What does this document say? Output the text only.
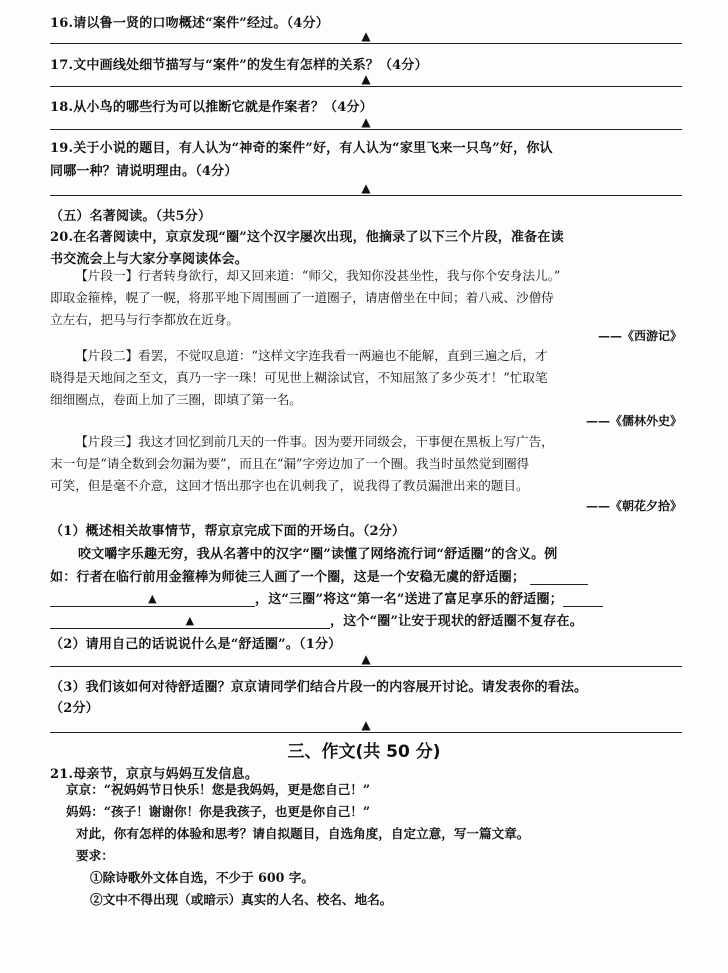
16.请以鲁一贤的口吻概述“案件”经过。（4分）
▲
17.文中画线处细节描写与“案件”的发生有怎样的关系？（4分）
▲
18.从小鸟的哪些行为可以推断它就是作案者？（4分）
▲
19.关于小说的题目，有人认为“神奇的案件”好，有人认为“家里飞来一只鸟”好，你认
同哪一种？请说明理由。（4分）
▲
（五）名著阅读。（共5分）
20.在名著阅读中，京京发现“圈”这个汉字屡次出现，他摘录了以下三个片段，准备在读
书交流会上与大家分享阅读体会。
【片段一】行者转身欲行，却又回来道：“师父，我知你没甚坐性，我与你个安身法儿。”
即取金箍棒，幌了一幌，将那平地下周围画了一道圈子，请唐僧坐在中间；着八戒、沙僧侍
立左右，把马与行李都放在近身。
——《西游记》
【片段二】看罢，不觉叹息道：“这样文字连我看一两遍也不能解，直到三遍之后，才
晓得是天地间之至文，真乃一字一珠！可见世上糊涂试官，不知屈煞了多少英才！”忙取笔
细细圈点，卷面上加了三圈，即填了第一名。
——《儒林外史》
【片段三】我这才回忆到前几天的一件事。因为要开同级会，干事便在黑板上写广告，
末一句是“请全数到会勿漏为要”，而且在“漏”字旁边加了一个圈。我当时虽然觉到圈得
可笑，但是毫不介意，这回才悟出那字也在讥刺我了，说我得了教员漏泄出来的题目。
——《朝花夕拾》
（1）概述相关故事情节，帮京京完成下面的开场白。（2分）
咬文嚼字乐趣无穷，我从名著中的汉字“圈”读懂了网络流行词“舒适圈”的含义。例
如：行者在临行前用金箍棒为师徒三人画了一个圈，这是一个安稳无虞的舒适圈；
▲	，这“三圈”将这“第一名”送进了富足享乐的舒适圈；
▲	，这个“圈”让安于现状的舒适圈不复存在。
（2）请用自己的话说说什么是“舒适圈”。（1分）
▲
（3）我们该如何对待舒适圈？京京请同学们结合片段一的内容展开讨论。请发表你的看法。
（2分）
▲
三、作文(共 50 分)
21.母亲节，京京与妈妈互发信息。
京京：“祝妈妈节日快乐！您是我妈妈，更是您自己！”
妈妈：“孩子！谢谢你！你是我孩子，也更是你自己！”
对此，你有怎样的体验和思考？请自拟题目，自选角度，自定立意，写一篇文章。
要求：
①除诗歌外文体自选，不少于 600 字。
②文中不得出现（或暗示）真实的人名、校名、地名。
